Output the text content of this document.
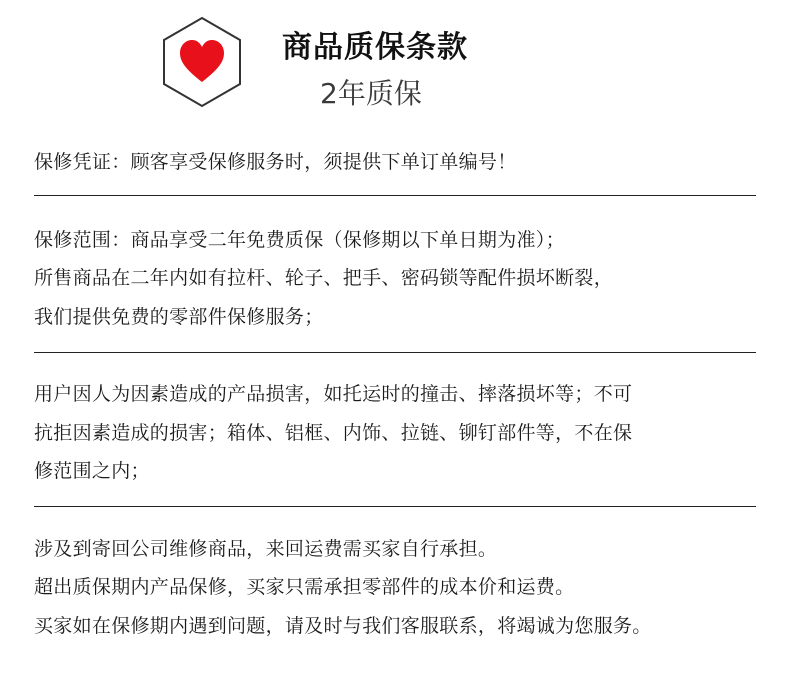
商品质保条款
2年质保
保修凭证：顾客享受保修服务时，须提供下单订单编号！
保修范围：商品享受二年免费质保（保修期以下单日期为准）；
所售商品在二年内如有拉杆、轮子、把手、密码锁等配件损坏断裂，
我们提供免费的零部件保修服务；
用户因人为因素造成的产品损害，如托运时的撞击、摔落损坏等；不可
抗拒因素造成的损害；箱体、铝框、内饰、拉链、铆钉部件等，不在保
修范围之内；
涉及到寄回公司维修商品，来回运费需买家自行承担。
超出质保期内产品保修，买家只需承担零部件的成本价和运费。
买家如在保修期内遇到问题，请及时与我们客服联系，将竭诚为您服务。
